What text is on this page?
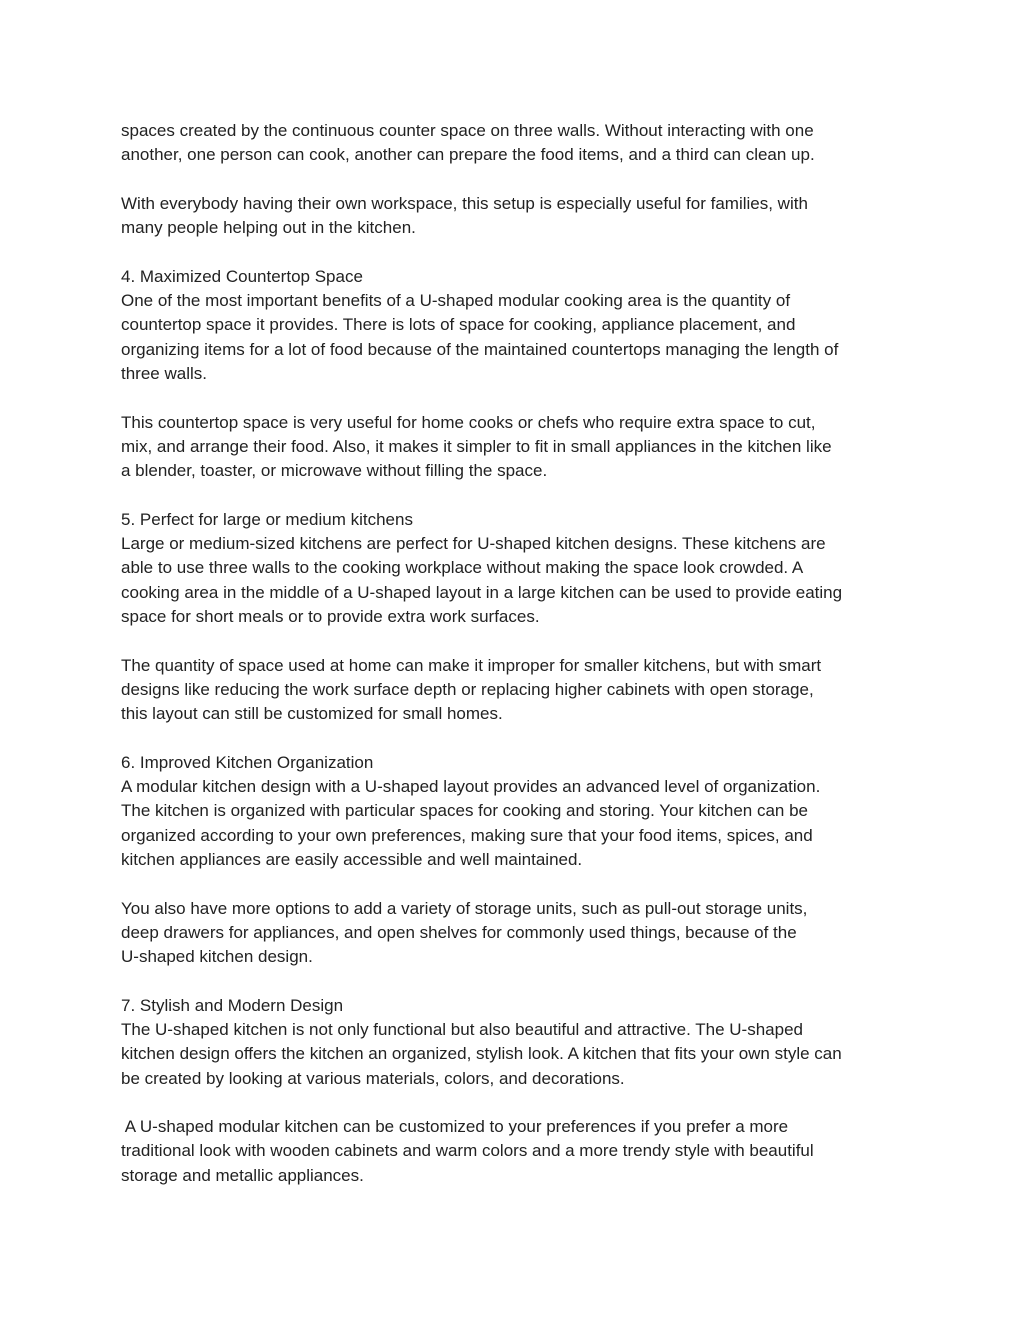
spaces created by the continuous counter space on three walls. Without interacting with one
another, one person can cook, another can prepare the food items, and a third can clean up.
With everybody having their own workspace, this setup is especially useful for families, with
many people helping out in the kitchen.
4. Maximized Countertop Space
One of the most important benefits of a U-shaped modular cooking area is the quantity of
countertop space it provides. There is lots of space for cooking, appliance placement, and
organizing items for a lot of food because of the maintained countertops managing the length of
three walls.
This countertop space is very useful for home cooks or chefs who require extra space to cut,
mix, and arrange their food. Also, it makes it simpler to fit in small appliances in the kitchen like
a blender, toaster, or microwave without filling the space.
5. Perfect for large or medium kitchens
Large or medium-sized kitchens are perfect for U-shaped kitchen designs. These kitchens are
able to use three walls to the cooking workplace without making the space look crowded. A
cooking area in the middle of a U-shaped layout in a large kitchen can be used to provide eating
space for short meals or to provide extra work surfaces.
The quantity of space used at home can make it improper for smaller kitchens, but with smart
designs like reducing the work surface depth or replacing higher cabinets with open storage,
this layout can still be customized for small homes.
6. Improved Kitchen Organization
A modular kitchen design with a U-shaped layout provides an advanced level of organization.
The kitchen is organized with particular spaces for cooking and storing. Your kitchen can be
organized according to your own preferences, making sure that your food items, spices, and
kitchen appliances are easily accessible and well maintained.
You also have more options to add a variety of storage units, such as pull-out storage units,
deep drawers for appliances, and open shelves for commonly used things, because of the
U-shaped kitchen design.
7. Stylish and Modern Design
The U-shaped kitchen is not only functional but also beautiful and attractive. The U-shaped
kitchen design offers the kitchen an organized, stylish look. A kitchen that fits your own style can
be created by looking at various materials, colors, and decorations.
A U-shaped modular kitchen can be customized to your preferences if you prefer a more
traditional look with wooden cabinets and warm colors and a more trendy style with beautiful
storage and metallic appliances.
